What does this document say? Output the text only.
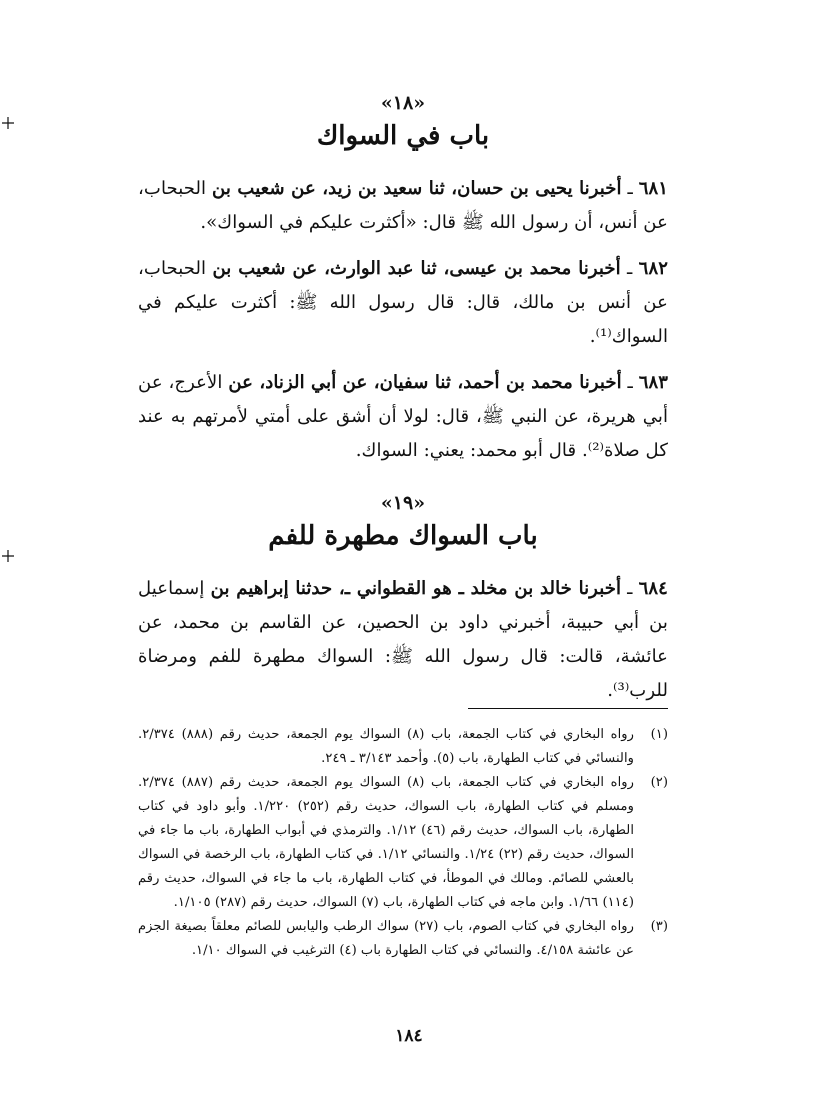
«١٨»
باب في السواك

٦٨١ ـ أخبرنا يحيى بن حسان، ثنا سعيد بن زيد، عن شعيب بن الحبحاب، عن أنس، أن رسول الله ﷺ قال: «أكثرت عليكم في السواك».

٦٨٢ ـ أخبرنا محمد بن عيسى، ثنا عبد الوارث، عن شعيب بن الحبحاب، عن أنس بن مالك، قال: قال رسول الله ﷺ: أكثرت عليكم في السواك⁽¹⁾.

٦٨٣ ـ أخبرنا محمد بن أحمد، ثنا سفيان، عن أبي الزناد، عن الأعرج، عن أبي هريرة، عن النبي ﷺ، قال: لولا أن أشق على أمتي لأمرتهم به عند كل صلاة⁽²⁾. قال أبو محمد: يعني: السواك.

«١٩»
باب السواك مطهرة للفم

٦٨٤ ـ أخبرنا خالد بن مخلد ـ هو القطواني ـ، حدثنا إبراهيم بن إسماعيل بن أبي حبيبة، أخبرني داود بن الحصين، عن القاسم بن محمد، عن عائشة، قالت: قال رسول الله ﷺ: السواك مطهرة للفم ومرضاة للرب⁽³⁾.

(١)
رواه البخاري في كتاب الجمعة، باب (٨) السواك يوم الجمعة، حديث رقم (٨٨٨) ٢/٣٧٤. والنسائي في كتاب الطهارة، باب (٥). وأحمد ٣/١٤٣ ـ ٢٤٩.
(٢)
رواه البخاري في كتاب الجمعة، باب (٨) السواك يوم الجمعة، حديث رقم (٨٨٧) ٢/٣٧٤. ومسلم في كتاب الطهارة، باب السواك، حديث رقم (٢٥٢) ١/٢٢٠. وأبو داود في كتاب الطهارة، باب السواك، حديث رقم (٤٦) ١/١٢. والترمذي في أبواب الطهارة، باب ما جاء في السواك، حديث رقم (٢٢) ١/٢٤. والنسائي ١/١٢. في كتاب الطهارة، باب الرخصة في السواك بالعشي للصائم. ومالك في الموطأ، في كتاب الطهارة، باب ما جاء في السواك، حديث رقم (١١٤) ١/٦٦. وابن ماجه في كتاب الطهارة، باب (٧) السواك، حديث رقم (٢٨٧) ١/١٠٥.
(٣)
رواه البخاري في كتاب الصوم، باب (٢٧) سواك الرطب واليابس للصائم معلقاً بصيغة الجزم عن عائشة ٤/١٥٨. والنسائي في كتاب الطهارة باب (٤) الترغيب في السواك ١/١٠.
١٨٤
